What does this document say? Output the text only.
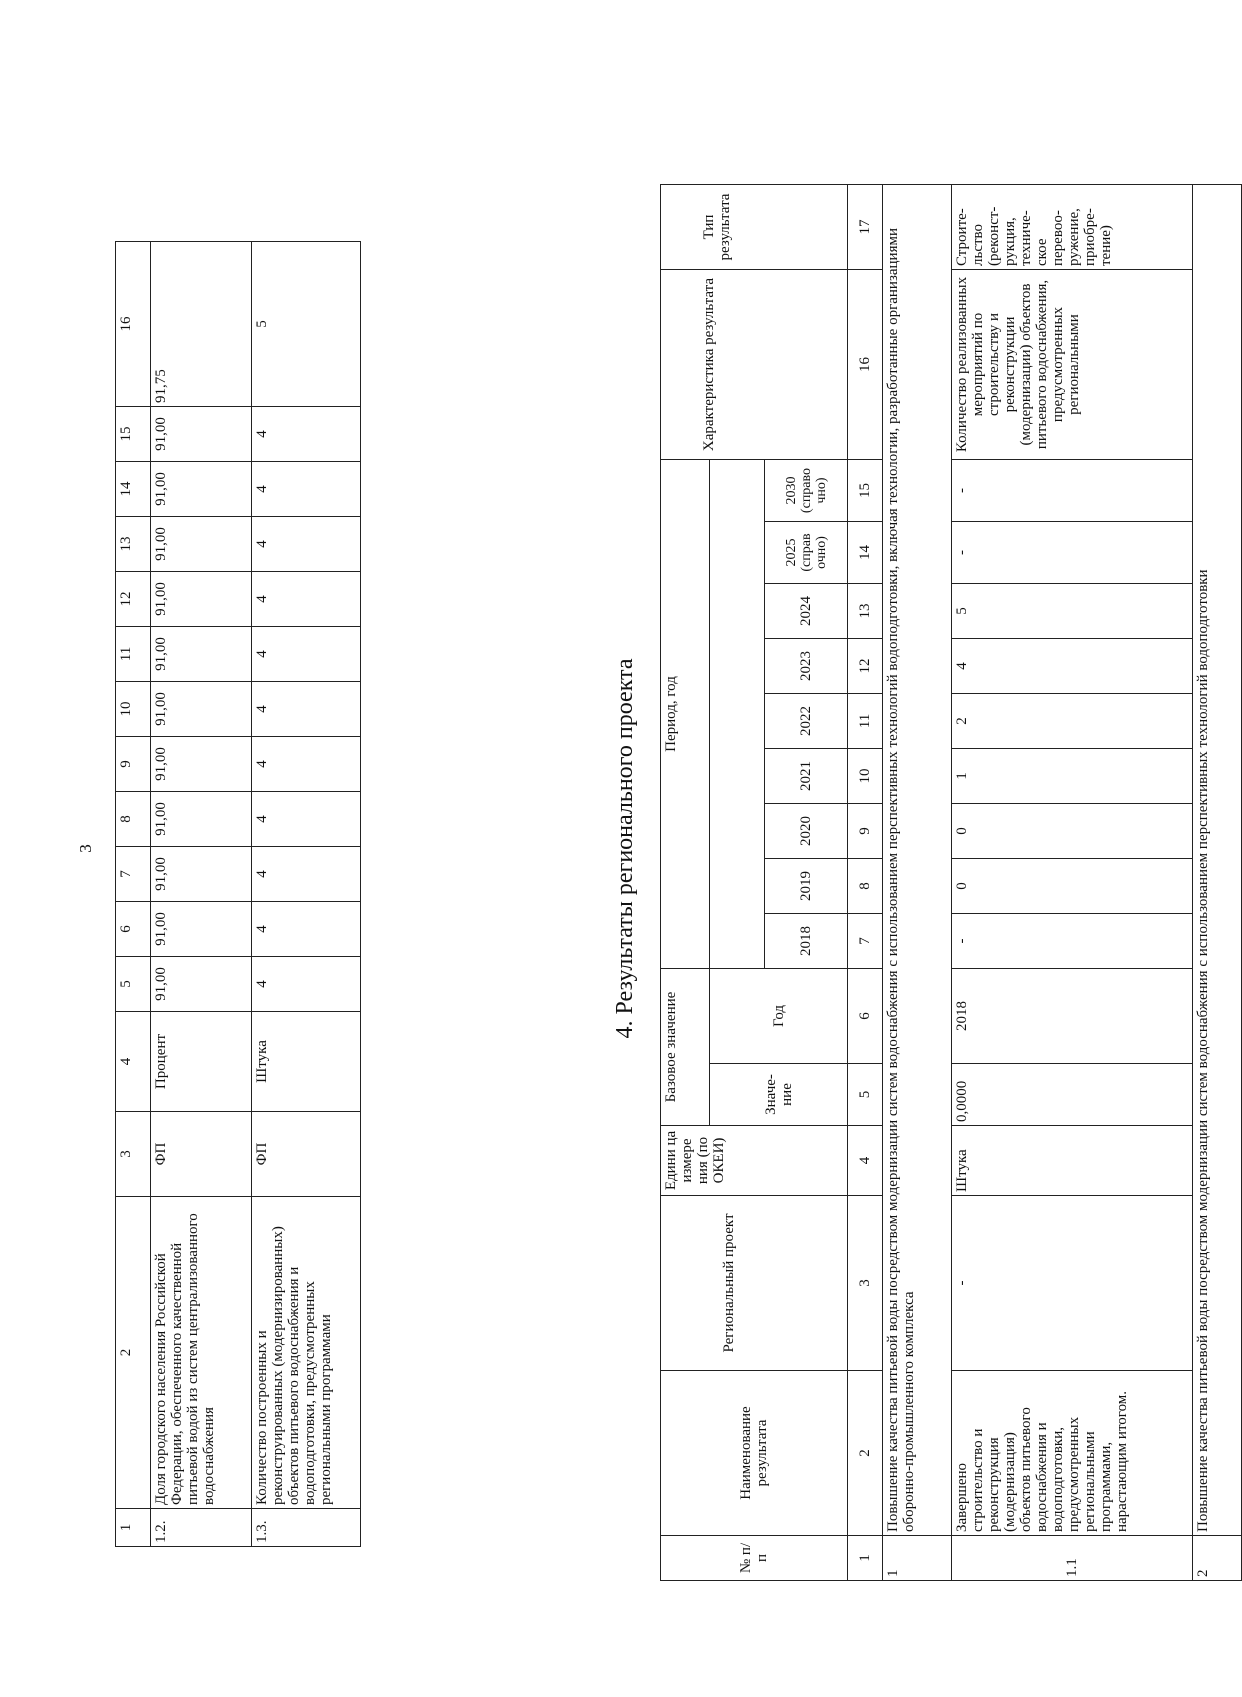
3
1	2	3	4	5	6	7	8	9	10	11	12	13	14	15	16
1.2.	Доля городского населения Российской Федерации, обеспеченного качественной питьевой водой из систем централизованного водоснабжения	ФП	Процент	91,00	91,00	91,00	91,00	91,00	91,00	91,00	91,00	91,00	91,00	91,00	91,75
1.3.	Количество построенных и реконструированных (модернизированных) объектов питьевого водоснабжения и водоподготовки, предусмотренных региональными программами	ФП	Штука	4	4	4	4	4	4	4	4	4	4	4	5
4. Результаты регионального проекта
№ п/п	Наименование результата	Региональный проект	Едини ца измере ния (по ОКЕИ)	Базовое значение		Период, год									Характеристика результата	Тип результата
				Значе-ние	Год											
						2018	2019	2020	2021	2022	2023	2024	2025 (справ очно)	2030 (справо чно)		
1	2	3	4	5	6	7	8	9	10	11	12	13	14	15	16	17
1	Повышение качества питьевой воды посредством модернизации систем водоснабжения с использованием перспективных технологий водоподготовки, включая технологии, разработанные организациями оборонно-промышленного комплекса															
1.1	Завершено строительство и реконструкция (модернизация) объектов питьевого водоснабжения и водоподготовки, предусмотренных региональными программами, нарастающим итогом.	-	Штука	0,0000	2018	-	0	0	1	2	4	5	-	-	Количество реализованных мероприятий по строительству и реконструкции (модернизации) объектов питьевого водоснабжения, предусмотренных региональными	Строите-льство (реконст-рукция, техниче-ское перевоо-ружение, приобре-тение)
2	Повышение качества питьевой воды посредством модернизации систем водоснабжения с использованием перспективных технологий водоподготовки															
